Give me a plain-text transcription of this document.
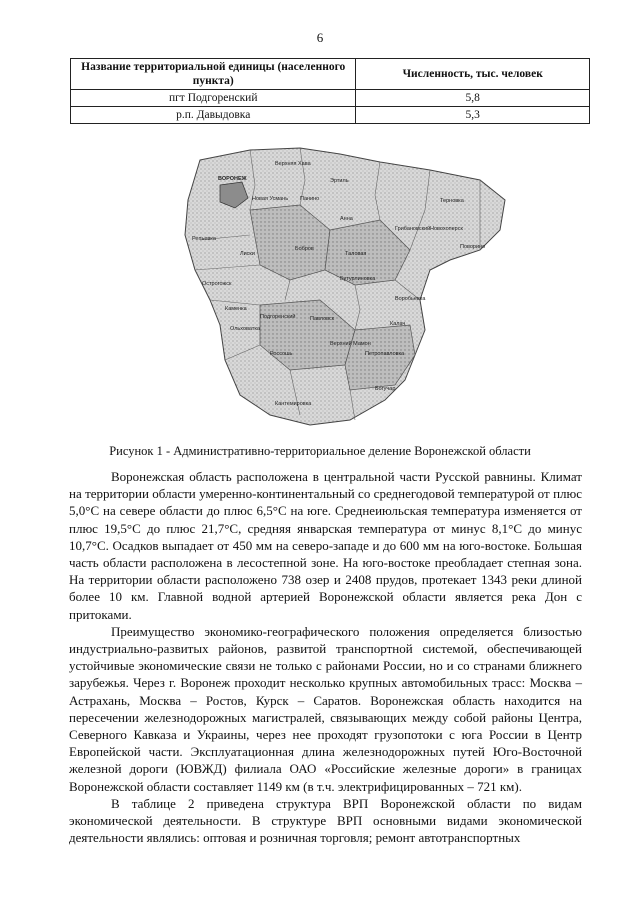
6
Название территориальной единицы (населенного пункта)	Численность, тыс. человек
пгт Подгоренский	5,8
р.п. Давыдовка	5,3
ВОРОНЕЖ
Верхняя Хава
Эртиль
Новая Усмань Панино	Терновка
Анна
Грибановский
Лиски
Бобров
Таловая
Новохоперск
Поворино
Репьевка
Бутурлиновка
Воробьевка
Острогожск
Подгоренский	Павловск
Калач
Россошь	Петропавловка
Ольховатка
Кантемировка
Богучар
Каменка
Верхний Мамон
Рисунок 1 - Административно-территориальное деление Воронежской области

Воронежская область расположена в центральной части Русской равнины. Климат на территории области умеренно-континентальный со среднегодовой температурой от плюс 5,0°С на севере области до плюс 6,5°С на юге. Среднеиюльская температура изменяется от плюс 19,5°С до плюс 21,7°С, средняя январская температура от минус 8,1°С до минус 10,7°С. Осадков выпадает от 450 мм на северо-западе и до 600 мм на юго-востоке. Большая часть области расположена в лесостепной зоне. На юго-востоке преобладает степная зона. На территории области расположено 738 озер и 2408 прудов, протекает 1343 реки длиной более 10 км. Главной водной артерией Воронежской области является река Дон с притоками.

Преимущество экономико-географического положения определяется близостью индустриально-развитых районов, развитой транспортной системой, обеспечивающей устойчивые экономические связи не только с районами России, но и со странами ближнего зарубежья. Через г. Воронеж проходит несколько крупных автомобильных трасс: Москва – Астрахань, Москва – Ростов, Курск – Саратов. Воронежская область находится на пересечении железнодорожных магистралей, связывающих между собой районы Центра, Северного Кавказа и Украины, через нее проходят грузопотоки с юга России в Центр Европейской части. Эксплуатационная длина железнодорожных путей Юго-Восточной железной дороги (ЮВЖД) филиала ОАО «Российские железные дороги» в границах Воронежской области составляет 1149 км (в т.ч. электрифицированных – 721 км).

В таблице 2 приведена структура ВРП Воронежской области по видам экономической деятельности. В структуре ВРП основными видами экономической деятельности являлись: оптовая и розничная торговля; ремонт автотранспортных
